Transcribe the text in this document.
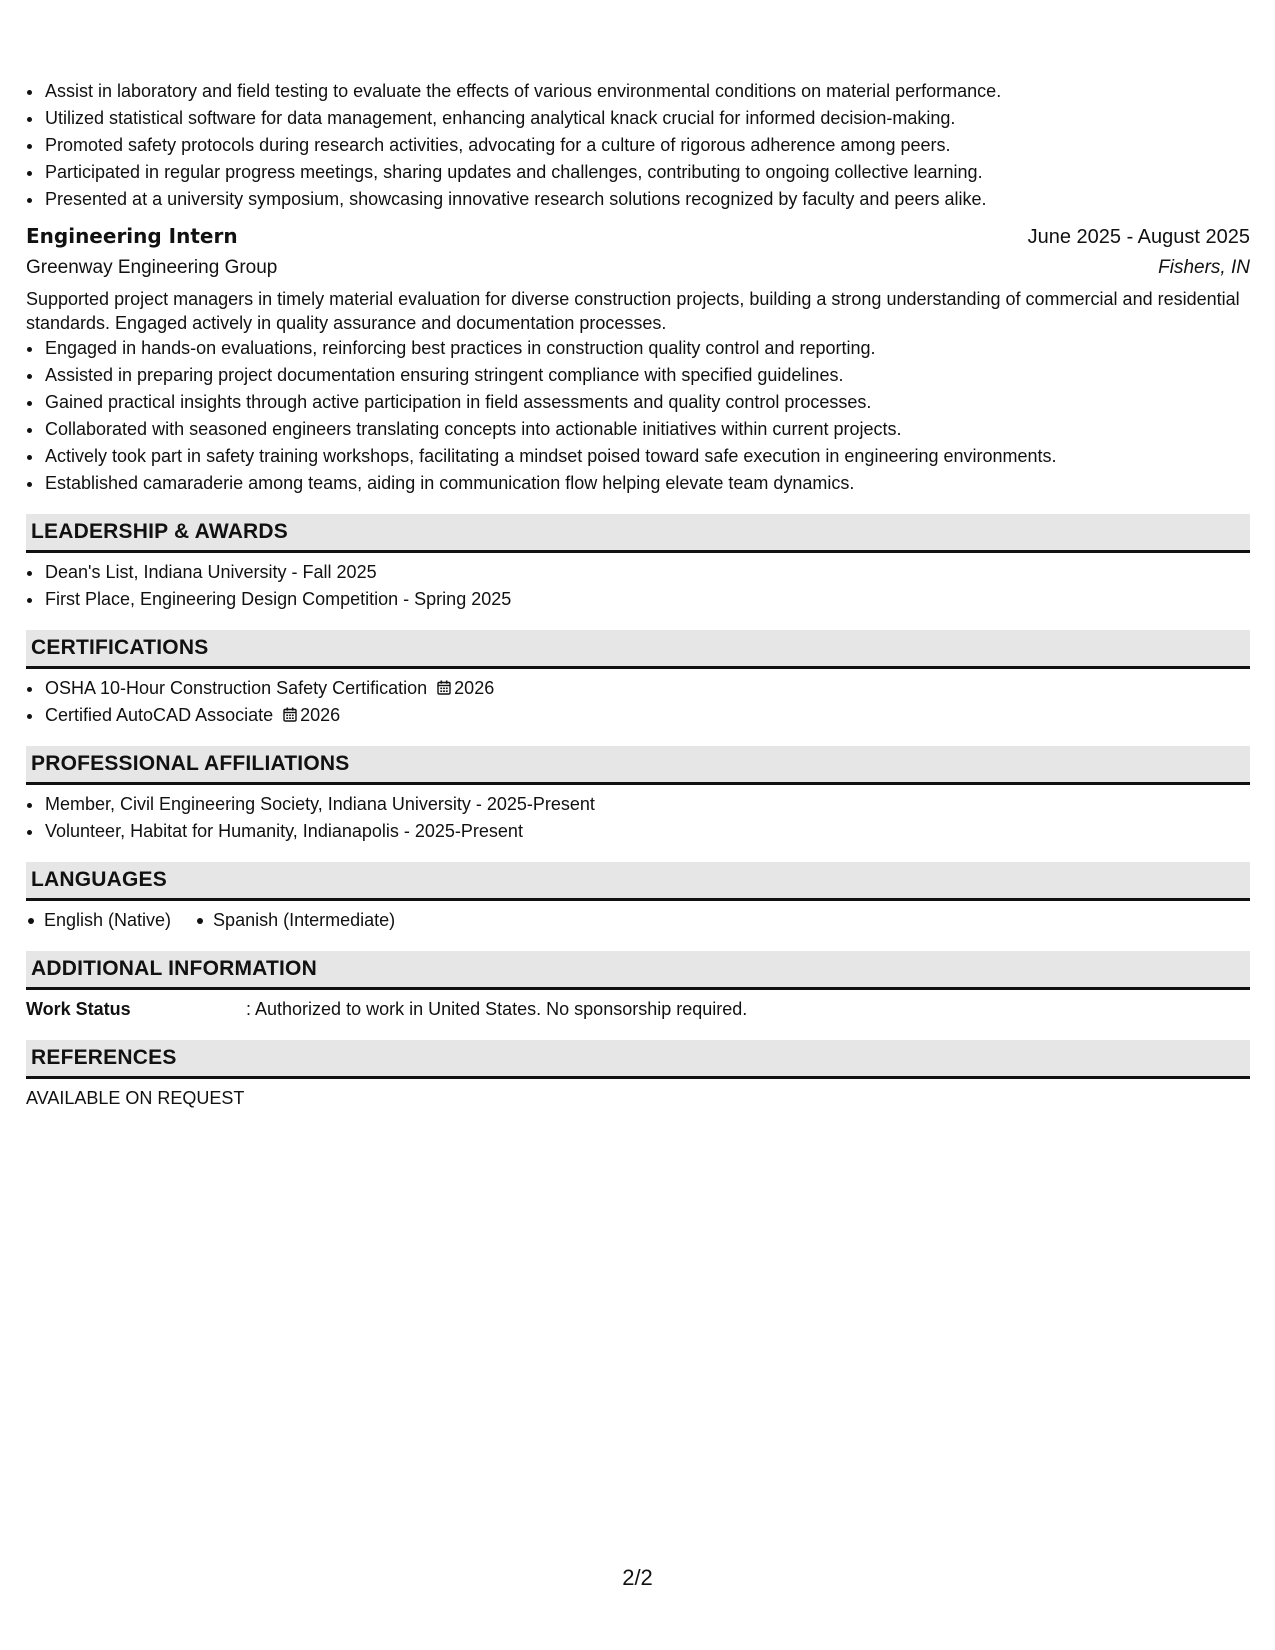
• Assist in laboratory and field testing to evaluate the effects of various environmental conditions on material performance.
• Utilized statistical software for data management, enhancing analytical knack crucial for informed decision-making.
• Promoted safety protocols during research activities, advocating for a culture of rigorous adherence among peers.
• Participated in regular progress meetings, sharing updates and challenges, contributing to ongoing collective learning.
• Presented at a university symposium, showcasing innovative research solutions recognized by faculty and peers alike.
Engineering Intern	June 2025 - August 2025
Greenway Engineering Group	Fishers, IN
Supported project managers in timely material evaluation for diverse construction projects, building a strong understanding of commercial and residential standards. Engaged actively in quality assurance and documentation processes.
• Engaged in hands-on evaluations, reinforcing best practices in construction quality control and reporting.
• Assisted in preparing project documentation ensuring stringent compliance with specified guidelines.
• Gained practical insights through active participation in field assessments and quality control processes.
• Collaborated with seasoned engineers translating concepts into actionable initiatives within current projects.
• Actively took part in safety training workshops, facilitating a mindset poised toward safe execution in engineering environments.
• Established camaraderie among teams, aiding in communication flow helping elevate team dynamics.
LEADERSHIP & AWARDS
• Dean's List, Indiana University - Fall 2025
• First Place, Engineering Design Competition - Spring 2025
CERTIFICATIONS
• OSHA 10-Hour Construction Safety Certification 2026
• Certified AutoCAD Associate 2026
PROFESSIONAL AFFILIATIONS
• Member, Civil Engineering Society, Indiana University - 2025-Present
• Volunteer, Habitat for Humanity, Indianapolis - 2025-Present
LANGUAGES
English (Native)	Spanish (Intermediate)
ADDITIONAL INFORMATION
Work Status	: Authorized to work in United States. No sponsorship required.
REFERENCES
AVAILABLE ON REQUEST
2/2
